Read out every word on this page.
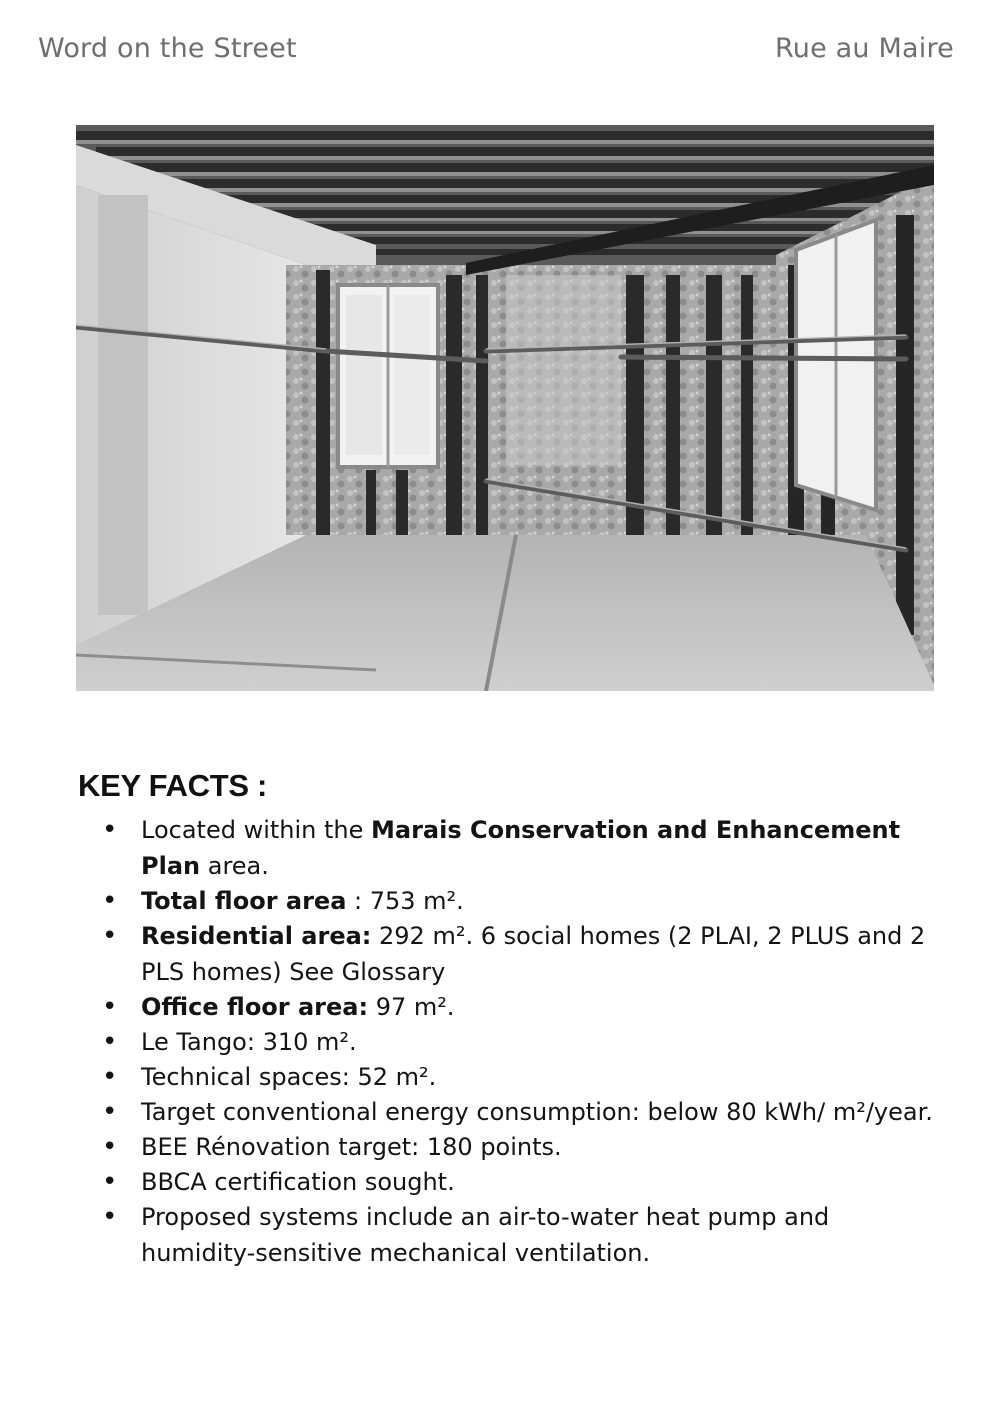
Word on the Street	Rue au Maire
KEY FACTS :
• Located within the Marais Conservation and Enhancement Plan area.
• Total floor area : 753 m².
• Residential area: 292 m². 6 social homes (2 PLAI, 2 PLUS and 2 PLS homes) See Glossary
• Office floor area: 97 m².
• Le Tango: 310 m².
• Technical spaces: 52 m².
• Target conventional energy consumption: below 80 kWh/ m²/year.
• BEE Rénovation target: 180 points.
• BBCA certification sought.
• Proposed systems include an air-to-water heat pump and humidity-sensitive mechanical ventilation.
